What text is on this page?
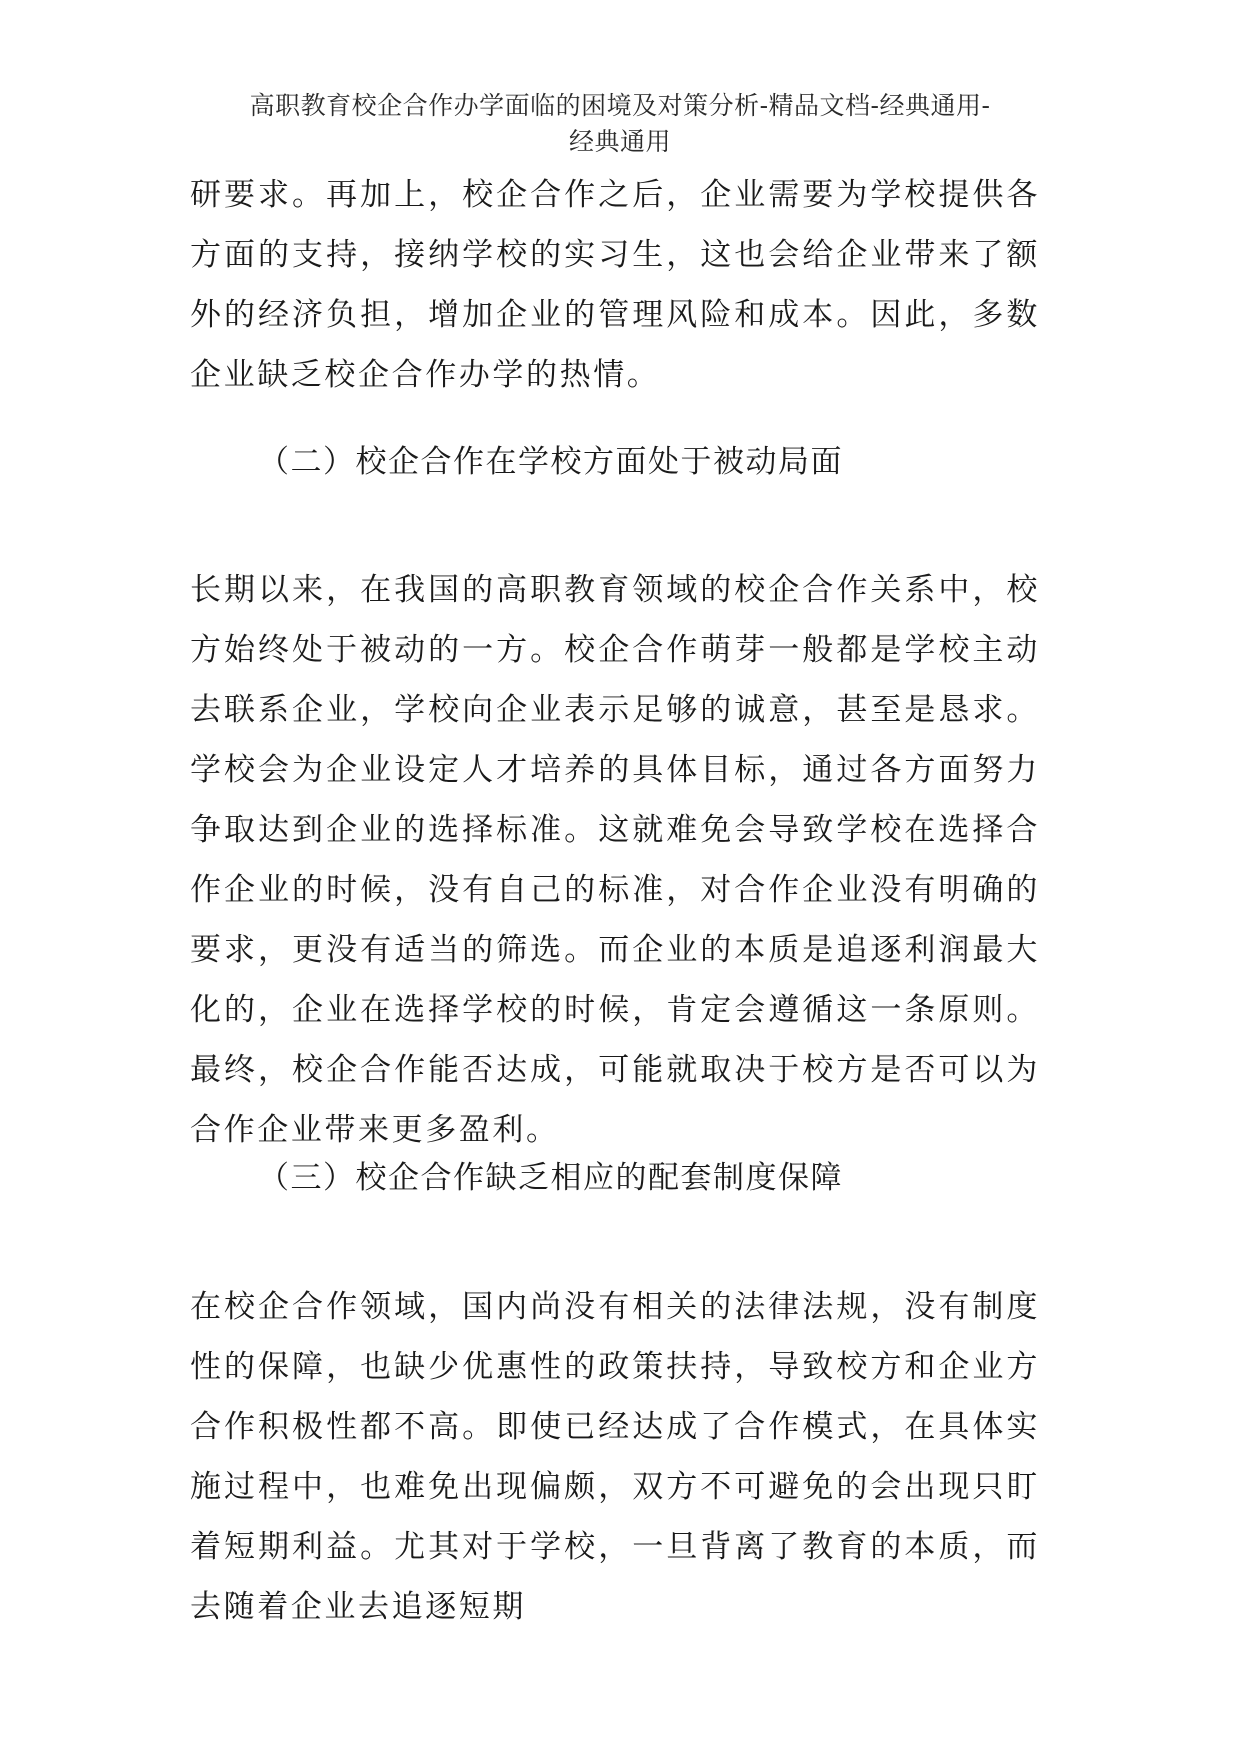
高职教育校企合作办学面临的困境及对策分析-精品文档-经典通用-
经典通用

研要求。再加上，校企合作之后，企业需要为学校提供各方面的支持，接纳学校的实习生，这也会给企业带来了额外的经济负担，增加企业的管理风险和成本。因此，多数企业缺乏校企合作办学的热情。

（二）校企合作在学校方面处于被动局面

长期以来，在我国的高职教育领域的校企合作关系中，校方始终处于被动的一方。校企合作萌芽一般都是学校主动去联系企业，学校向企业表示足够的诚意，甚至是恳求。学校会为企业设定人才培养的具体目标，通过各方面努力争取达到企业的选择标准。这就难免会导致学校在选择合作企业的时候，没有自己的标准，对合作企业没有明确的要求，更没有适当的筛选。而企业的本质是追逐利润最大化的，企业在选择学校的时候，肯定会遵循这一条原则。最终，校企合作能否达成，可能就取决于校方是否可以为合作企业带来更多盈利。

（三）校企合作缺乏相应的配套制度保障

在校企合作领域，国内尚没有相关的法律法规，没有制度性的保障，也缺少优惠性的政策扶持，导致校方和企业方合作积极性都不高。即使已经达成了合作模式，在具体实施过程中，也难免出现偏颇，双方不可避免的会出现只盯着短期利益。尤其对于学校，一旦背离了教育的本质，而去随着企业去追逐短期
